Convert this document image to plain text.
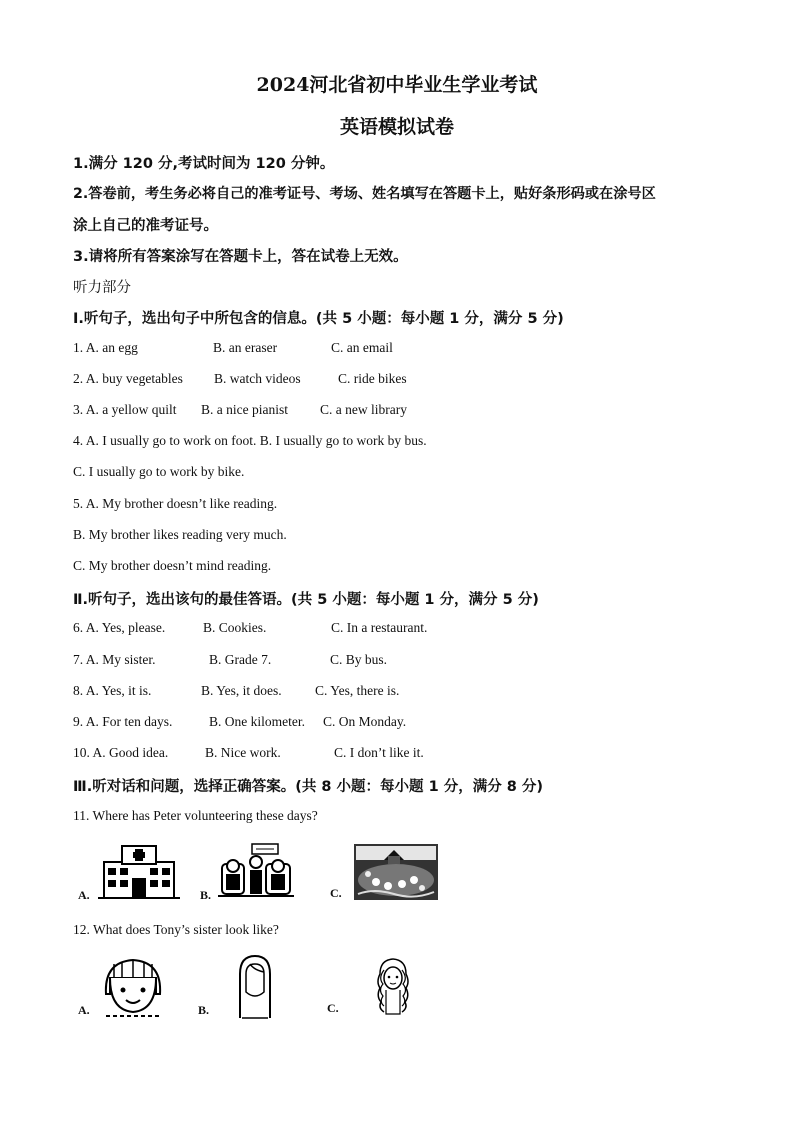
2024河北省初中毕业生学业考试
英语模拟试卷
1.满分 120 分,考试时间为 120 分钟。
2.答卷前，考生务必将自己的准考证号、考场、姓名填写在答题卡上，贴好条形码或在涂号区
涂上自己的准考证号。
3.请将所有答案涂写在答题卡上，答在试卷上无效。
听力部分
I.听句子，选出句子中所包含的信息。(共 5 小题：每小题 1 分，满分 5 分)
1. A. an egg	B. an eraser	C. an email
2. A. buy vegetables B. watch videos	C. ride bikes
3. A. a yellow quilt B. a nice pianist C. a new library
4. A. I usually go to work on foot. B. I usually go to work by bus.
C. I usually go to work by bike.
5. A. My brother doesn’t like reading.
B. My brother likes reading very much.
C. My brother doesn’t mind reading.
Ⅱ.听句子，选出该句的最佳答语。(共 5 小题：每小题 1 分，满分 5 分)
6. A. Yes, please.	B. Cookies.	C. In a restaurant.
7. A. My sister.	B. Grade 7.	C. By bus.
8. A. Yes, it is.	B. Yes, it does. C. Yes, there is.
9. A. For ten days.	B. One kilometer. C. On Monday.
10. A. Good idea.	B. Nice work.	C. I don’t like it.
Ⅲ.听对话和问题，选择正确答案。(共 8 小题：每小题 1 分，满分 8 分)
11. Where has Peter volunteering these days?
A.	B.	C.
12. What does Tony’s sister look like?
A.	B.	C.
